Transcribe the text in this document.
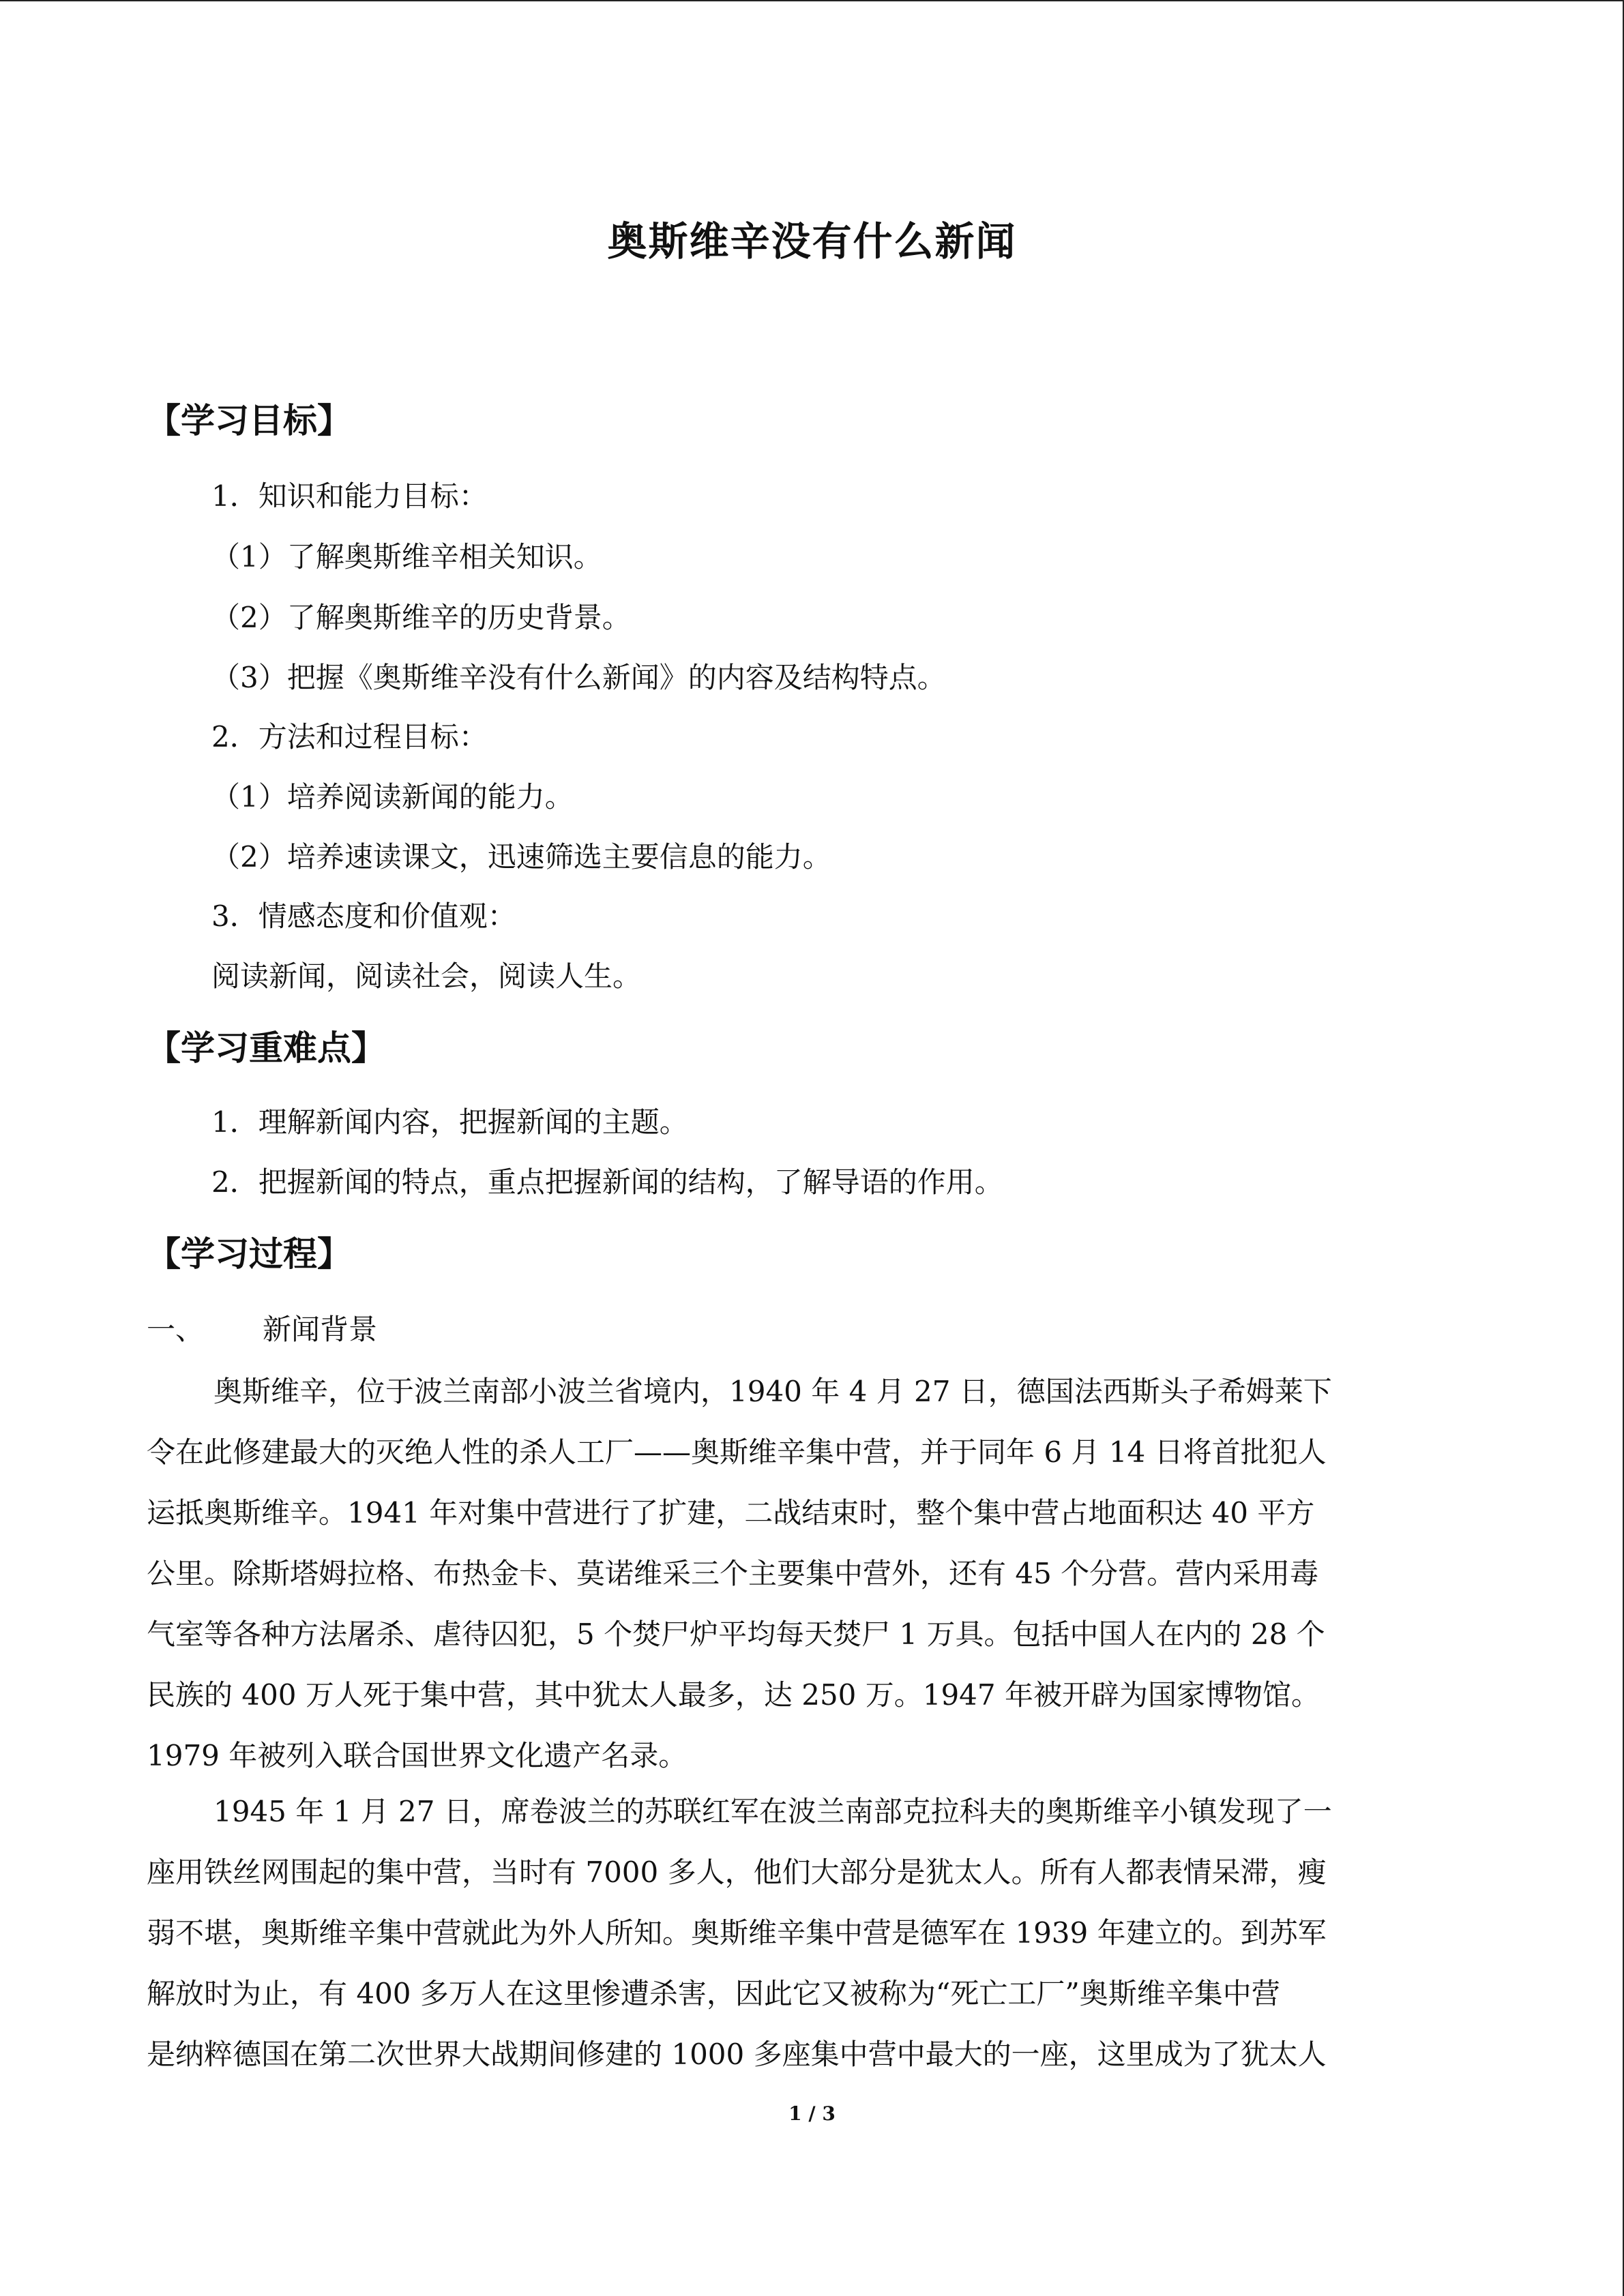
奥斯维辛没有什么新闻
【学习目标】

1．知识和能力目标：

（1）了解奥斯维辛相关知识。

（2）了解奥斯维辛的历史背景。

（3）把握《奥斯维辛没有什么新闻》的内容及结构特点。

2．方法和过程目标：

（1）培养阅读新闻的能力。

（2）培养速读课文，迅速筛选主要信息的能力。

3．情感态度和价值观：

阅读新闻，阅读社会，阅读人生。

【学习重难点】

1．理解新闻内容，把握新闻的主题。

2．把握新闻的特点，重点把握新闻的结构，了解导语的作用。

【学习过程】
一、 新闻背景
奥斯维辛，位于波兰南部小波兰省境内，1940 年 4 月 27 日，德国法西斯头子希姆莱下
令在此修建最大的灭绝人性的杀人工厂——奥斯维辛集中营，并于同年 6 月 14 日将首批犯人
运抵奥斯维辛。1941 年对集中营进行了扩建，二战结束时，整个集中营占地面积达 40 平方
公里。除斯塔姆拉格、布热金卡、莫诺维采三个主要集中营外，还有 45 个分营。营内采用毒
气室等各种方法屠杀、虐待囚犯，5 个焚尸炉平均每天焚尸 1 万具。包括中国人在内的 28 个
民族的 400 万人死于集中营，其中犹太人最多，达 250 万。1947 年被开辟为国家博物馆。
1979 年被列入联合国世界文化遗产名录。
1945 年 1 月 27 日，席卷波兰的苏联红军在波兰南部克拉科夫的奥斯维辛小镇发现了一
座用铁丝网围起的集中营，当时有 7000 多人，他们大部分是犹太人。所有人都表情呆滞，瘦
弱不堪，奥斯维辛集中营就此为外人所知。奥斯维辛集中营是德军在 1939 年建立的。到苏军
解放时为止，有 400 多万人在这里惨遭杀害，因此它又被称为“死亡工厂”奥斯维辛集中营
是纳粹德国在第二次世界大战期间修建的 1000 多座集中营中最大的一座，这里成为了犹太人

1 / 3
